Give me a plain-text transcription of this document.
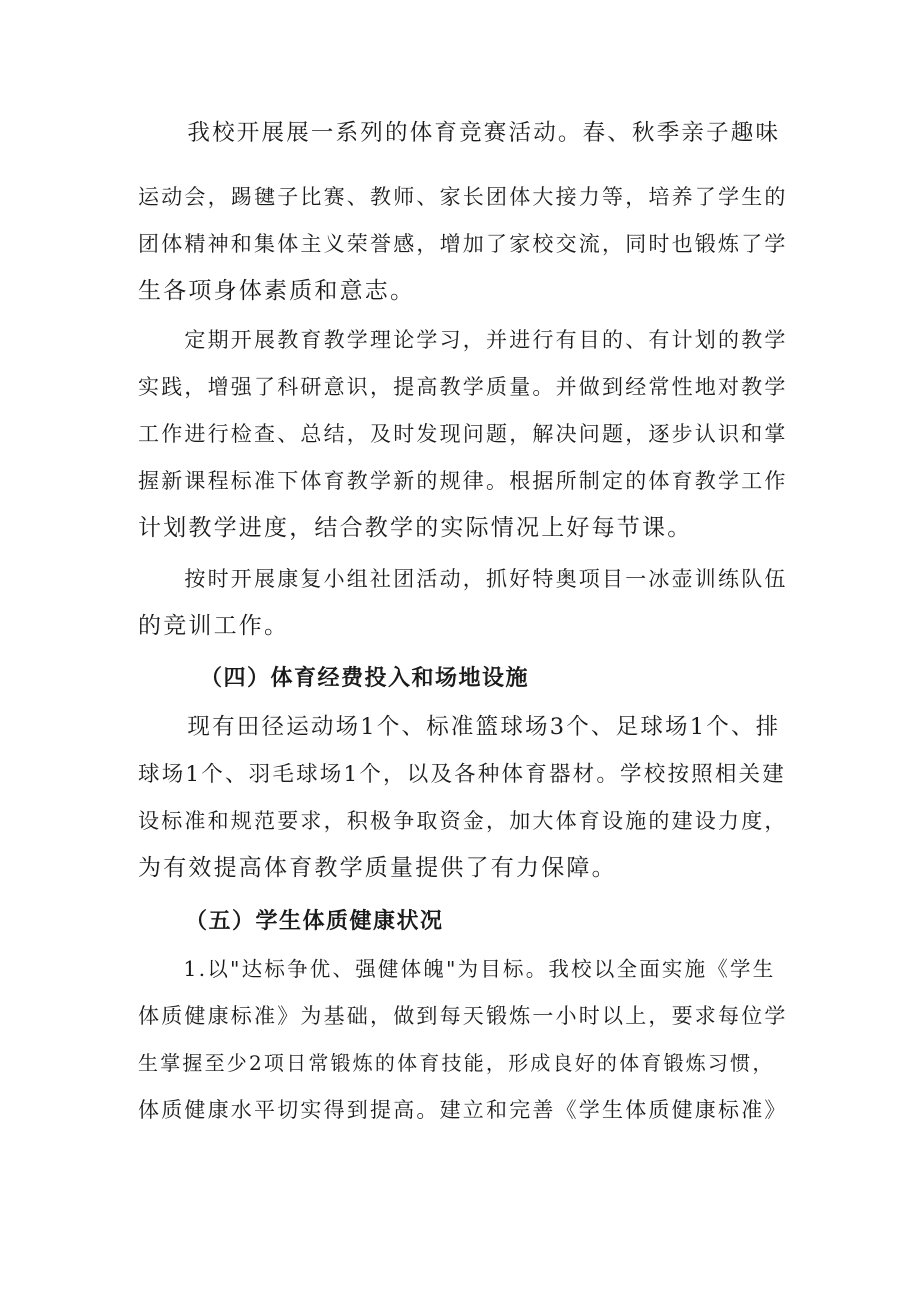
　　我校开展展一系列的体育竞赛活动。春、秋季亲子趣味

运动会，踢毽子比赛、教师、家长团体大接力等，培养了学生的
团体精神和集体主义荣誉感，增加了家校交流，同时也锻炼了学
生各项身体素质和意志。

　　定期开展教育教学理论学习，并进行有目的、有计划的教学
实践，增强了科研意识，提高教学质量。并做到经常性地对教学
工作进行检查、总结，及时发现问题，解决问题，逐步认识和掌
握新课程标准下体育教学新的规律。根据所制定的体育教学工作
计划教学进度，结合教学的实际情况上好每节课。

　　按时开展康复小组社团活动，抓好特奥项目一冰壶训练队伍
的竞训工作。

（四）体育经费投入和场地设施

　　现有田径运动场1个、标准篮球场3个、足球场1个、排
球场1个、羽毛球场1个，以及各种体育器材。学校按照相关建
设标准和规范要求，积极争取资金，加大体育设施的建设力度，
为有效提高体育教学质量提供了有力保障。

（五）学生体质健康状况

　　1.以"达标争优、强健体魄"为目标。我校以全面实施《学生
体质健康标准》为基础，做到每天锻炼一小时以上，要求每位学
生掌握至少2项日常锻炼的体育技能，形成良好的体育锻炼习惯，
体质健康水平切实得到提高。建立和完善《学生体质健康标准》
